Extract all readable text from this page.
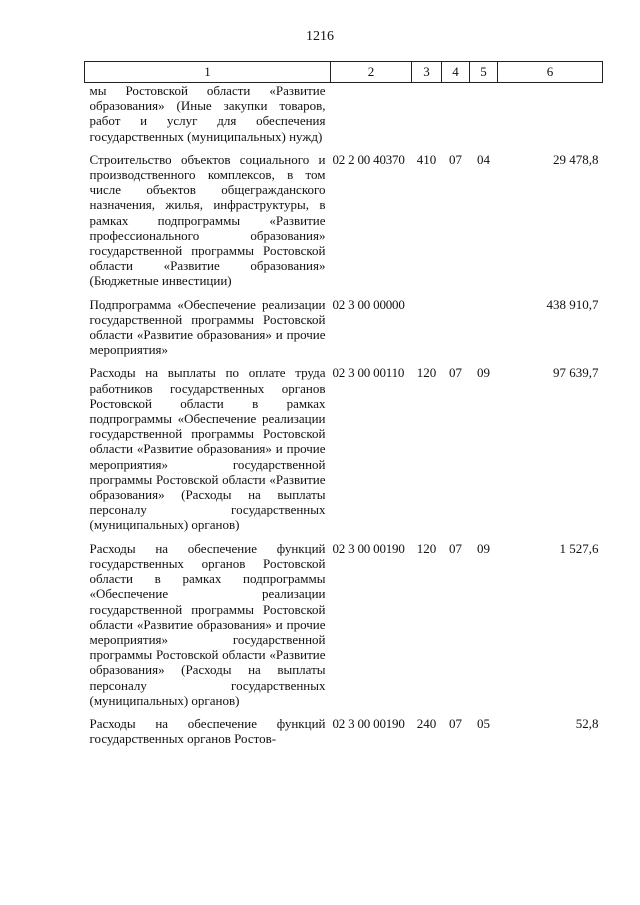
1216
1	2	3	4	5	6
мы Ростовской области «Развитие образования» (Иные закупки товаров, работ и услуг для обеспечения государственных (муниципальных) нужд)					
Строительство объектов социального и производственного комплексов, в том числе объектов общегражданского назначения, жилья, инфраструктуры, в рамках подпрограммы «Развитие профессионального образования» государственной программы Ростовской области «Развитие образования» (Бюджетные инвестиции)	02 2 00 40370	410	07	04	29 478,8
Подпрограмма «Обеспечение реализации государственной программы Ростовской области «Развитие образования» и прочие мероприятия»	02 3 00 00000				438 910,7
Расходы на выплаты по оплате труда работников государственных органов Ростовской области в рамках подпрограммы «Обеспечение реализации государственной программы Ростовской области «Развитие образования» и прочие мероприятия» государственной программы Ростовской области «Развитие образования» (Расходы на выплаты персоналу государственных (муниципальных) органов)	02 3 00 00110	120	07	09	97 639,7
Расходы на обеспечение функций государственных органов Ростовской области в рамках подпрограммы «Обеспечение реализации государственной программы Ростовской области «Развитие образования» и прочие мероприятия» государственной программы Ростовской области «Развитие образования» (Расходы на выплаты персоналу государственных (муниципальных) органов)	02 3 00 00190	120	07	09	1 527,6
Расходы на обеспечение функций государственных органов Ростов-	02 3 00 00190	240	07	05	52,8
